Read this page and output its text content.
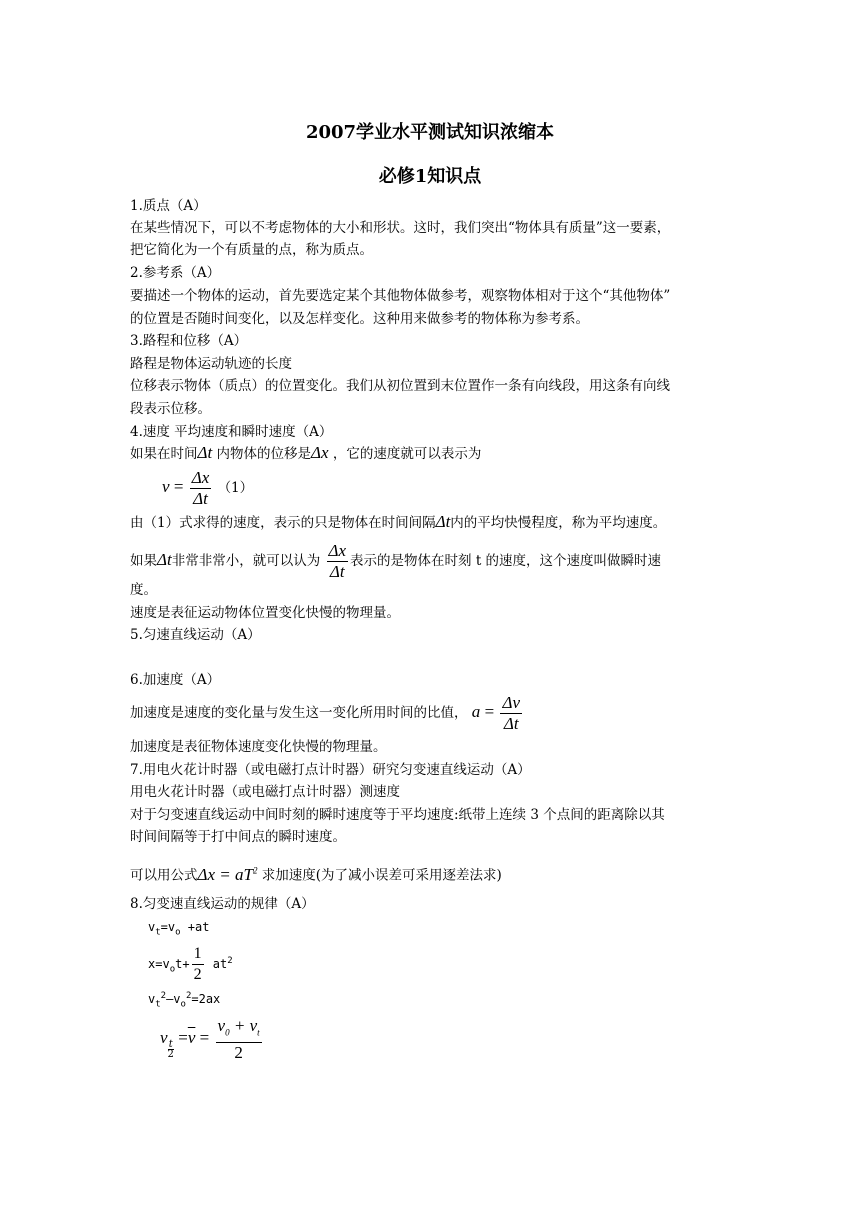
2007学业水平测试知识浓缩本
必修1知识点
1.质点（A）
在某些情况下，可以不考虑物体的大小和形状。这时，我们突出“物体具有质量”这一要素，
把它简化为一个有质量的点，称为质点。
2.参考系（A）
要描述一个物体的运动，首先要选定某个其他物体做参考，观察物体相对于这个“其他物体”
的位置是否随时间变化，以及怎样变化。这种用来做参考的物体称为参考系。
3.路程和位移（A）
路程是物体运动轨迹的长度
位移表示物体（质点）的位置变化。我们从初位置到末位置作一条有向线段，用这条有向线
段表示位移。
4.速度 平均速度和瞬时速度（A）
如果在时间Δt 内物体的位移是Δx ，它的速度就可以表示为
$v = \frac{\Delta x}{\Delta t} (1)$
由（1）式求得的速度，表示的只是物体在时间间隔Δt内的平均快慢程度，称为平均速度。
如果Δt非常非常小，就可以认为 $\frac{\Delta x}{\Delta t}$ 表示的是物体在时刻 t 的速度，这个速度叫做瞬时速
度。
速度是表征运动物体位置变化快慢的物理量。
5.匀速直线运动（A）
6.加速度（A）
加速度是速度的变化量与发生这一变化所用时间的比值， $a = \frac{\Delta v}{\Delta t}$
加速度是表征物体速度变化快慢的物理量。
7.用电火花计时器（或电磁打点计时器）研究匀变速直线运动（A）
用电火花计时器（或电磁打点计时器）测速度
对于匀变速直线运动中间时刻的瞬时速度等于平均速度:纸带上连续 3 个点间的距离除以其
时间间隔等于打中间点的瞬时速度。
可以用公式$\Delta x = aT^2$ 求加速度(为了减小误差可采用逐差法求)
8.匀变速直线运动的规律（A）
$v_t=v_o +at$
$x=v_ot+ \frac{1}{2} at^2$
$v_t^2-v_o^2=2ax$
v
$\frac{t}{2}$
$=\overline{v} = \frac{v_0 + v_t}{2}$
